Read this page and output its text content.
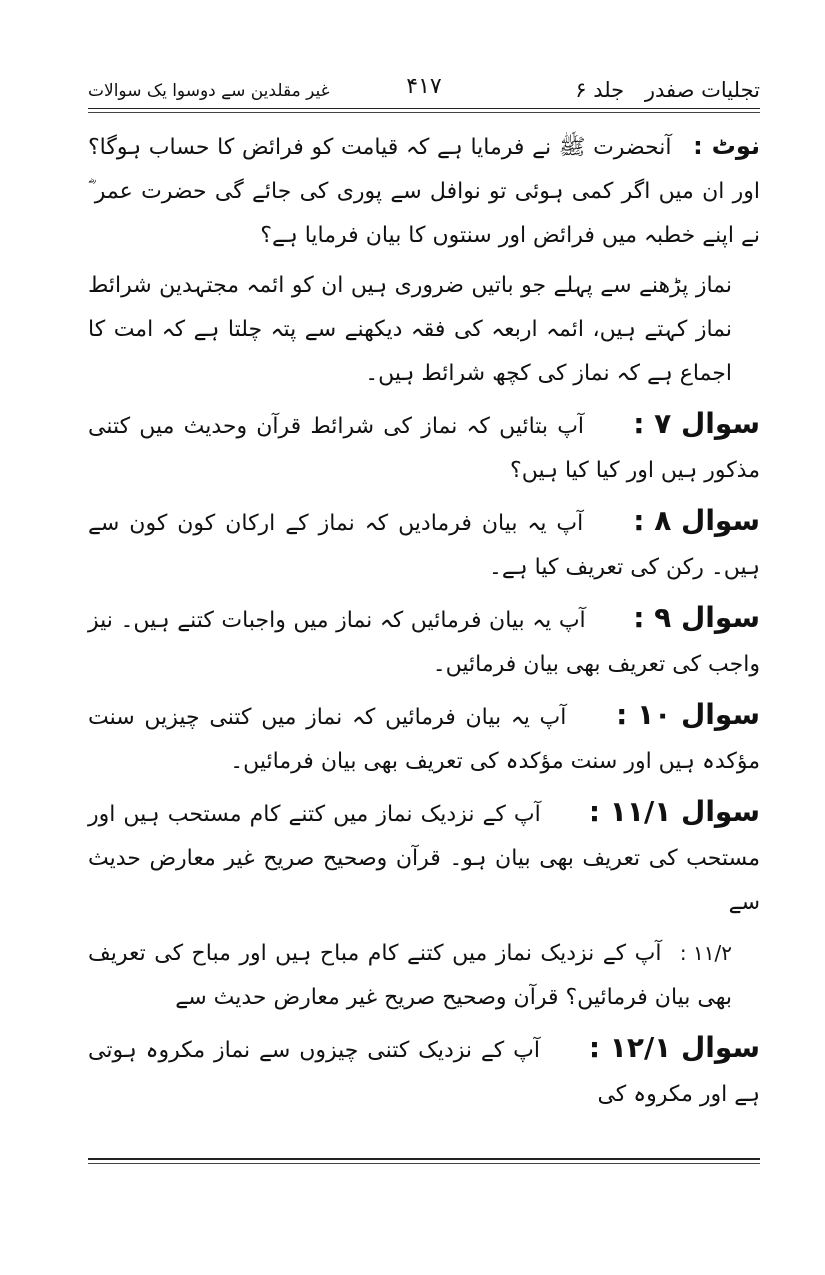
تجلیات صفدر جلد ۶
۴۱۷
غیر مقلدین سے دوسوا یک سوالات

نوٹ : آنحضرت ﷺ نے فرمایا ہے کہ قیامت کو فرائض کا حساب ہوگا؟ اور ان میں اگر کمی ہوئی تو نوافل سے پوری کی جائے گی حضرت عمر ؓ نے اپنے خطبہ میں فرائض اور سنتوں کا بیان فرمایا ہے؟

نماز پڑھنے سے پہلے جو باتیں ضروری ہیں ان کو ائمہ مجتہدین شرائط نماز کہتے ہیں، ائمہ اربعہ کی فقہ دیکھنے سے پتہ چلتا ہے کہ امت کا اجماع ہے کہ نماز کی کچھ شرائط ہیں۔

سوال ۷ : آپ بتائیں کہ نماز کی شرائط قرآن وحدیث میں کتنی مذکور ہیں اور کیا کیا ہیں؟

سوال ۸ : آپ یہ بیان فرمادیں کہ نماز کے ارکان کون کون سے ہیں۔ رکن کی تعریف کیا ہے۔

سوال ۹ : آپ یہ بیان فرمائیں کہ نماز میں واجبات کتنے ہیں۔ نیز واجب کی تعریف بھی بیان فرمائیں۔

سوال ۱۰ : آپ یہ بیان فرمائیں کہ نماز میں کتنی چیزیں سنت مؤکدہ ہیں اور سنت مؤکدہ کی تعریف بھی بیان فرمائیں۔

سوال ۱۱/۱ : آپ کے نزدیک نماز میں کتنے کام مستحب ہیں اور مستحب کی تعریف بھی بیان ہو۔ قرآن وصحیح صریح غیر معارض حدیث سے

۱۱/۲ : آپ کے نزدیک نماز میں کتنے کام مباح ہیں اور مباح کی تعریف بھی بیان فرمائیں؟ قرآن وصحیح صریح غیر معارض حدیث سے

سوال ۱۲/۱ : آپ کے نزدیک کتنی چیزوں سے نماز مکروہ ہوتی ہے اور مکروہ کی
